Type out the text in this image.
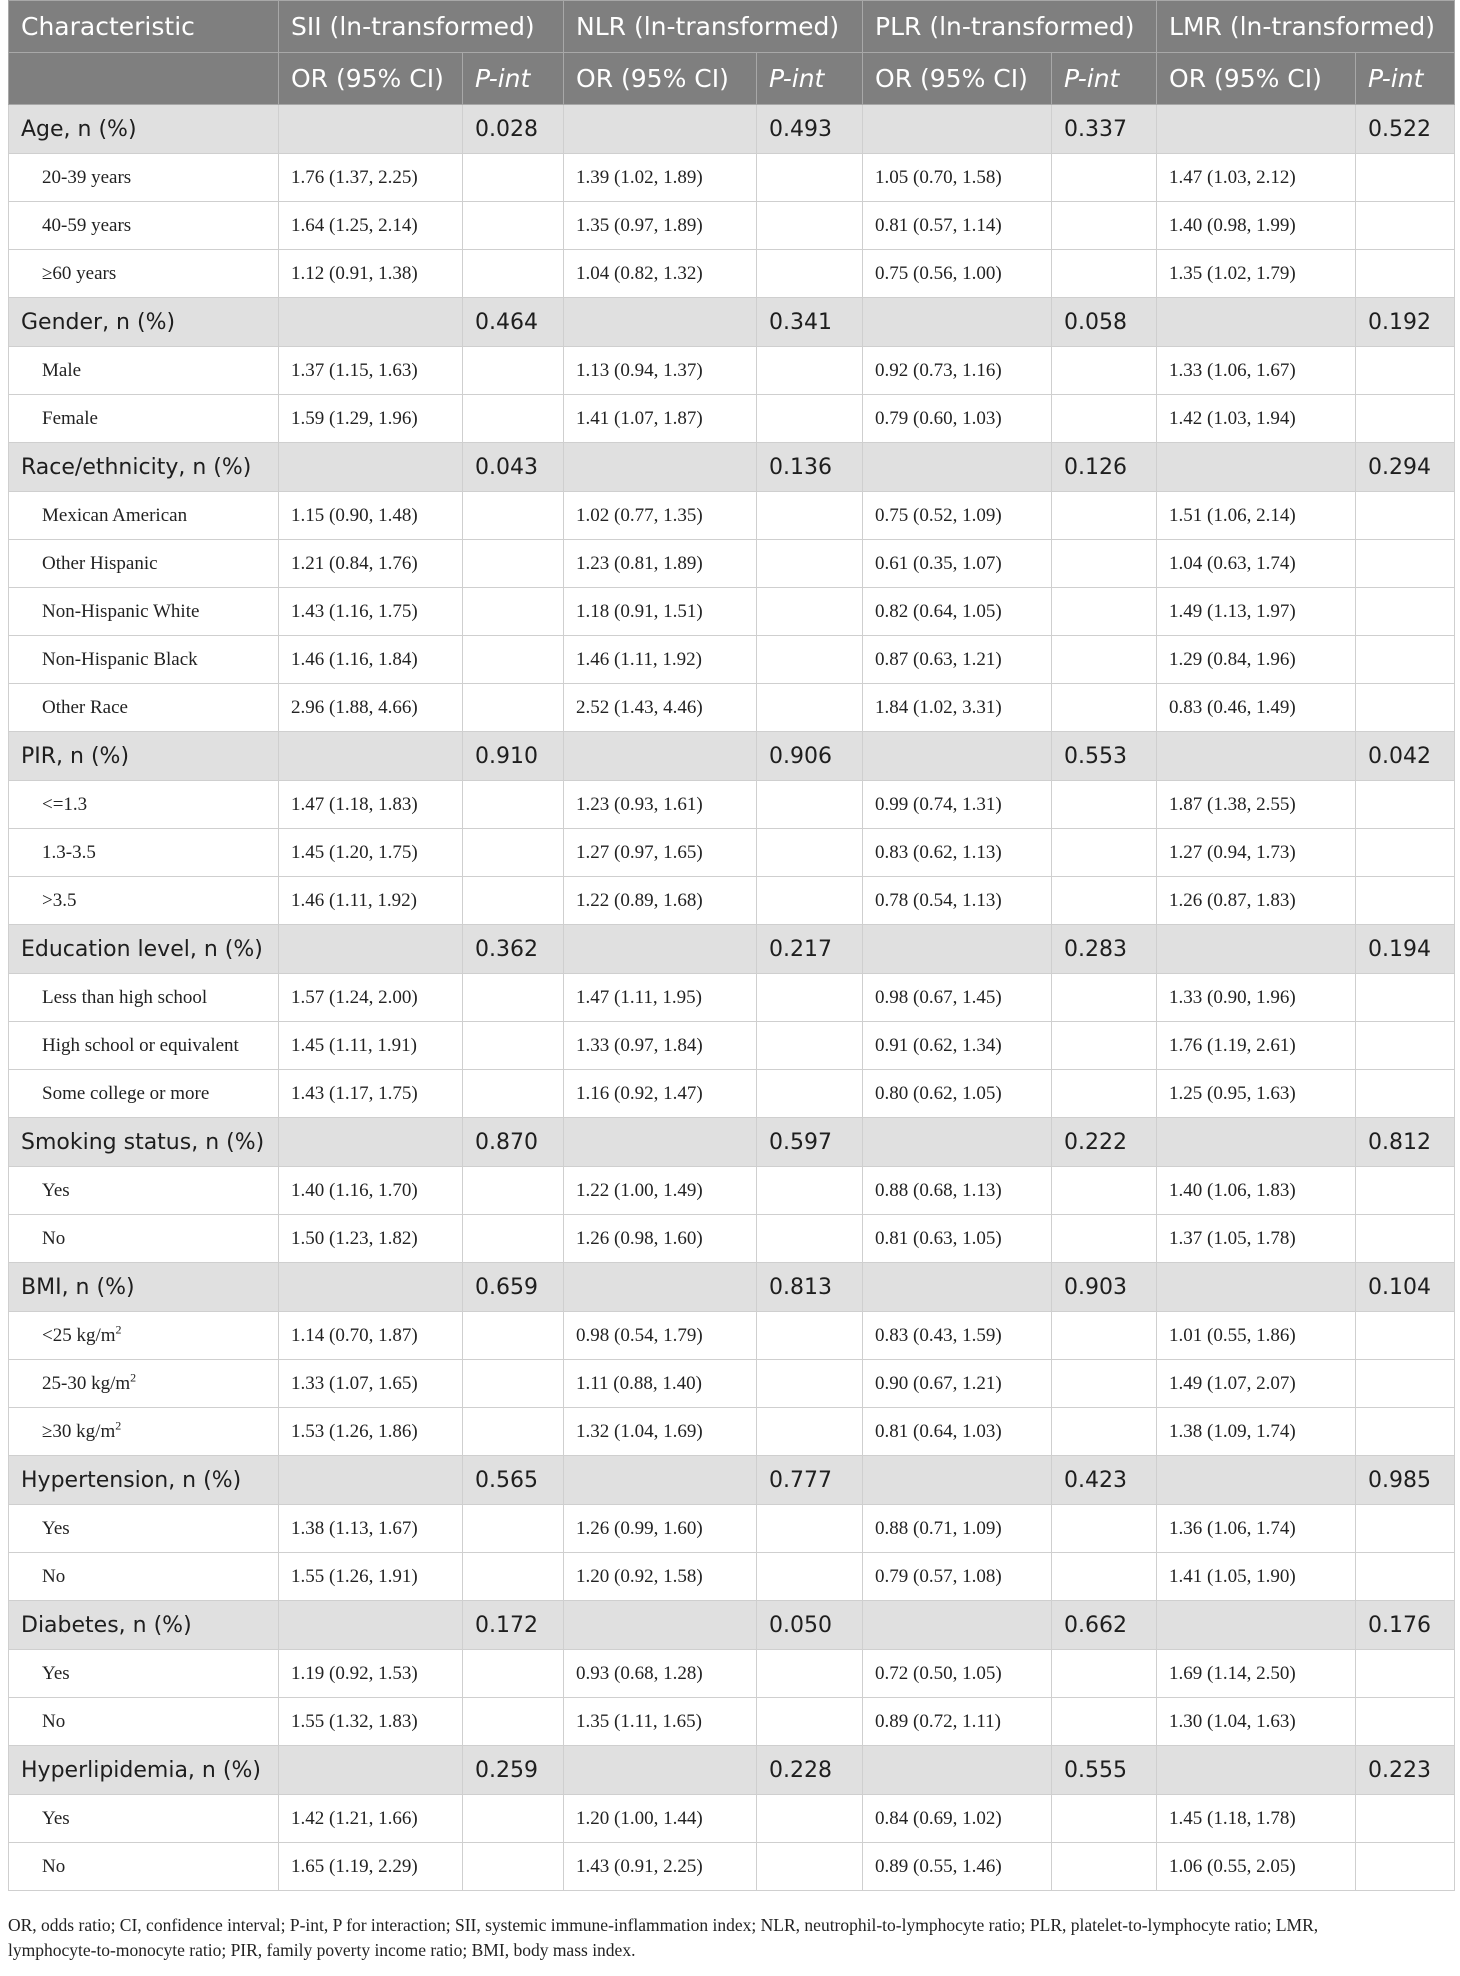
Characteristic	SII (ln-transformed)		NLR (ln-transformed)		PLR (ln-transformed)		LMR (ln-transformed)	
	OR (95% CI)	P-int	OR (95% CI)	P-int	OR (95% CI)	P-int	OR (95% CI)	P-int
Age, n (%)		0.028		0.493		0.337		0.522
20-39 years	1.76 (1.37, 2.25)		1.39 (1.02, 1.89)		1.05 (0.70, 1.58)		1.47 (1.03, 2.12)	
40-59 years	1.64 (1.25, 2.14)		1.35 (0.97, 1.89)		0.81 (0.57, 1.14)		1.40 (0.98, 1.99)	
≥60 years	1.12 (0.91, 1.38)		1.04 (0.82, 1.32)		0.75 (0.56, 1.00)		1.35 (1.02, 1.79)	
Gender, n (%)		0.464		0.341		0.058		0.192
Male	1.37 (1.15, 1.63)		1.13 (0.94, 1.37)		0.92 (0.73, 1.16)		1.33 (1.06, 1.67)	
Female	1.59 (1.29, 1.96)		1.41 (1.07, 1.87)		0.79 (0.60, 1.03)		1.42 (1.03, 1.94)	
Race/ethnicity, n (%)		0.043		0.136		0.126		0.294
Mexican American	1.15 (0.90, 1.48)		1.02 (0.77, 1.35)		0.75 (0.52, 1.09)		1.51 (1.06, 2.14)	
Other Hispanic	1.21 (0.84, 1.76)		1.23 (0.81, 1.89)		0.61 (0.35, 1.07)		1.04 (0.63, 1.74)	
Non-Hispanic White	1.43 (1.16, 1.75)		1.18 (0.91, 1.51)		0.82 (0.64, 1.05)		1.49 (1.13, 1.97)	
Non-Hispanic Black	1.46 (1.16, 1.84)		1.46 (1.11, 1.92)		0.87 (0.63, 1.21)		1.29 (0.84, 1.96)	
Other Race	2.96 (1.88, 4.66)		2.52 (1.43, 4.46)		1.84 (1.02, 3.31)		0.83 (0.46, 1.49)	
PIR, n (%)		0.910		0.906		0.553		0.042
<=1.3	1.47 (1.18, 1.83)		1.23 (0.93, 1.61)		0.99 (0.74, 1.31)		1.87 (1.38, 2.55)	
1.3-3.5	1.45 (1.20, 1.75)		1.27 (0.97, 1.65)		0.83 (0.62, 1.13)		1.27 (0.94, 1.73)	
>3.5	1.46 (1.11, 1.92)		1.22 (0.89, 1.68)		0.78 (0.54, 1.13)		1.26 (0.87, 1.83)	
Education level, n (%)		0.362		0.217		0.283		0.194
Less than high school	1.57 (1.24, 2.00)		1.47 (1.11, 1.95)		0.98 (0.67, 1.45)		1.33 (0.90, 1.96)	
High school or equivalent	1.45 (1.11, 1.91)		1.33 (0.97, 1.84)		0.91 (0.62, 1.34)		1.76 (1.19, 2.61)	
Some college or more	1.43 (1.17, 1.75)		1.16 (0.92, 1.47)		0.80 (0.62, 1.05)		1.25 (0.95, 1.63)	
Smoking status, n (%)		0.870		0.597		0.222		0.812
Yes	1.40 (1.16, 1.70)		1.22 (1.00, 1.49)		0.88 (0.68, 1.13)		1.40 (1.06, 1.83)	
No	1.50 (1.23, 1.82)		1.26 (0.98, 1.60)		0.81 (0.63, 1.05)		1.37 (1.05, 1.78)	
BMI, n (%)		0.659		0.813		0.903		0.104
<25 $kg/m^2$	1.14 (0.70, 1.87)		0.98 (0.54, 1.79)		0.83 (0.43, 1.59)		1.01 (0.55, 1.86)	
25-30 $kg/m^2$	1.33 (1.07, 1.65)		1.11 (0.88, 1.40)		0.90 (0.67, 1.21)		1.49 (1.07, 2.07)	
≥30 $kg/m^2$	1.53 (1.26, 1.86)		1.32 (1.04, 1.69)		0.81 (0.64, 1.03)		1.38 (1.09, 1.74)	
Hypertension, n (%)		0.565		0.777		0.423		0.985
Yes	1.38 (1.13, 1.67)		1.26 (0.99, 1.60)		0.88 (0.71, 1.09)		1.36 (1.06, 1.74)	
No	1.55 (1.26, 1.91)		1.20 (0.92, 1.58)		0.79 (0.57, 1.08)		1.41 (1.05, 1.90)	
Diabetes, n (%)		0.172		0.050		0.662		0.176
Yes	1.19 (0.92, 1.53)		0.93 (0.68, 1.28)		0.72 (0.50, 1.05)		1.69 (1.14, 2.50)	
No	1.55 (1.32, 1.83)		1.35 (1.11, 1.65)		0.89 (0.72, 1.11)		1.30 (1.04, 1.63)	
Hyperlipidemia, n (%)		0.259		0.228		0.555		0.223
Yes	1.42 (1.21, 1.66)		1.20 (1.00, 1.44)		0.84 (0.69, 1.02)		1.45 (1.18, 1.78)	
No	1.65 (1.19, 2.29)		1.43 (0.91, 2.25)		0.89 (0.55, 1.46)		1.06 (0.55, 2.05)	
OR, odds ratio; CI, confidence interval; P-int, P for interaction; SII, systemic immune-inflammation index; NLR, neutrophil-to-lymphocyte ratio; PLR, platelet-to-lymphocyte ratio; LMR,
lymphocyte-to-monocyte ratio; PIR, family poverty income ratio; BMI, body mass index.
